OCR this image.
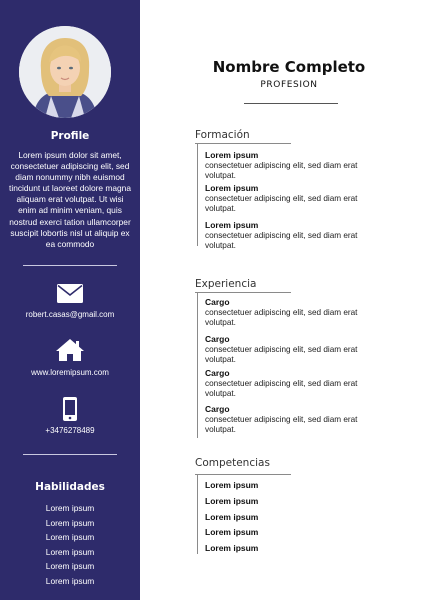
Profile
Lorem ipsum dolor sit amet, consectetuer adipiscing elit, sed diam nonummy nibh euismod tincidunt ut laoreet dolore magna aliquam erat volutpat. Ut wisi enim ad minim veniam, quis nostrud exerci tation ullamcorper suscipit lobortis nisl ut aliquip ex ea commodo
robert.casas@gmail.com
www.loremipsum.com
+3476278489
Habilidades
Lorem ipsum
Lorem ipsum
Lorem ipsum
Lorem ipsum
Lorem ipsum
Lorem ipsum
Nombre Completo
PROFESION
Formación
Lorem ipsum
consectetuer adipiscing elit, sed diam erat volutpat.
Lorem ipsum
consectetuer adipiscing elit, sed diam erat volutpat.
Lorem ipsum
consectetuer adipiscing elit, sed diam erat volutpat.
Experiencia
Cargo
consectetuer adipiscing elit, sed diam erat volutpat.
Cargo
consectetuer adipiscing elit, sed diam erat volutpat.
Cargo
consectetuer adipiscing elit, sed diam erat volutpat.
Cargo
consectetuer adipiscing elit, sed diam erat volutpat.
Competencias
Lorem ipsum
Lorem ipsum
Lorem ipsum
Lorem ipsum
Lorem ipsum
